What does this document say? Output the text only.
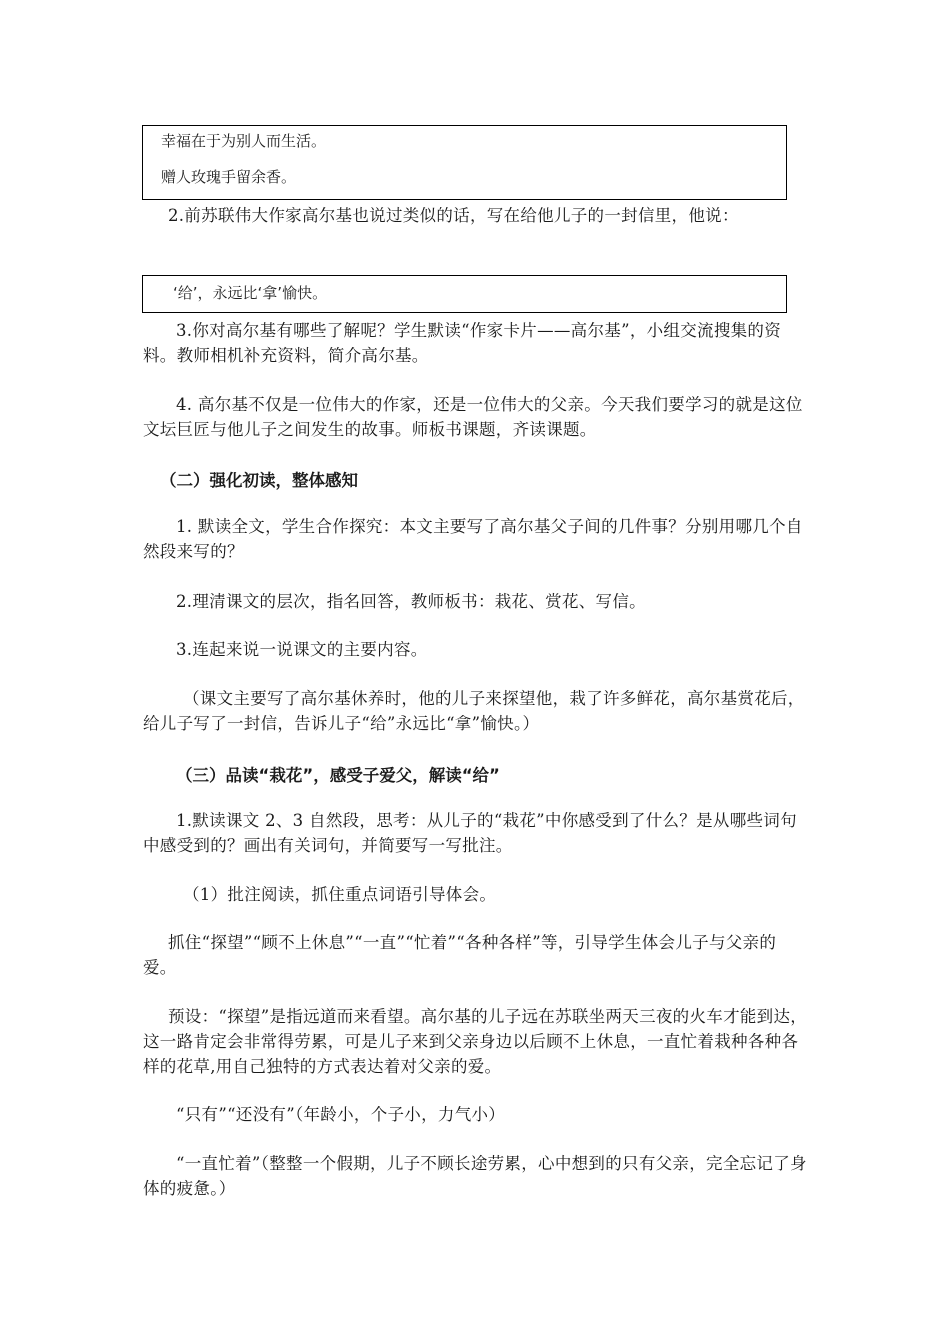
幸福在于为别人而生活。
赠人玫瑰手留余香。

2.前苏联伟大作家高尔基也说过类似的话，写在给他儿子的一封信里，他说：

‘给’，永远比‘拿’愉快。

3.你对高尔基有哪些了解呢？学生默读“作家卡片——高尔基”，小组交流搜集的资料。教师相机补充资料，简介高尔基。

4. 高尔基不仅是一位伟大的作家，还是一位伟大的父亲。今天我们要学习的就是这位文坛巨匠与他儿子之间发生的故事。师板书课题，齐读课题。

（二）强化初读，整体感知

1. 默读全文，学生合作探究：本文主要写了高尔基父子间的几件事？分别用哪几个自然段来写的？

2.理清课文的层次，指名回答，教师板书：栽花、赏花、写信。

3.连起来说一说课文的主要内容。

（课文主要写了高尔基休养时，他的儿子来探望他，栽了许多鲜花，高尔基赏花后，给儿子写了一封信，告诉儿子“给”永远比“拿”愉快。）

（三）品读“栽花”，感受子爱父，解读“给”

1.默读课文 2、3 自然段，思考：从儿子的“栽花”中你感受到了什么？是从哪些词句中感受到的？画出有关词句，并简要写一写批注。

（1）批注阅读，抓住重点词语引导体会。

抓住“探望”“顾不上休息”“一直”“忙着”“各种各样”等，引导学生体会儿子与父亲的爱。

预设：“探望”是指远道而来看望。高尔基的儿子远在苏联坐两天三夜的火车才能到达，这一路肯定会非常得劳累，可是儿子来到父亲身边以后顾不上休息，一直忙着栽种各种各样的花草,用自己独特的方式表达着对父亲的爱。

“只有”“还没有”（年龄小，个子小，力气小）

“一直忙着”（整整一个假期，儿子不顾长途劳累，心中想到的只有父亲，完全忘记了身体的疲惫。）
